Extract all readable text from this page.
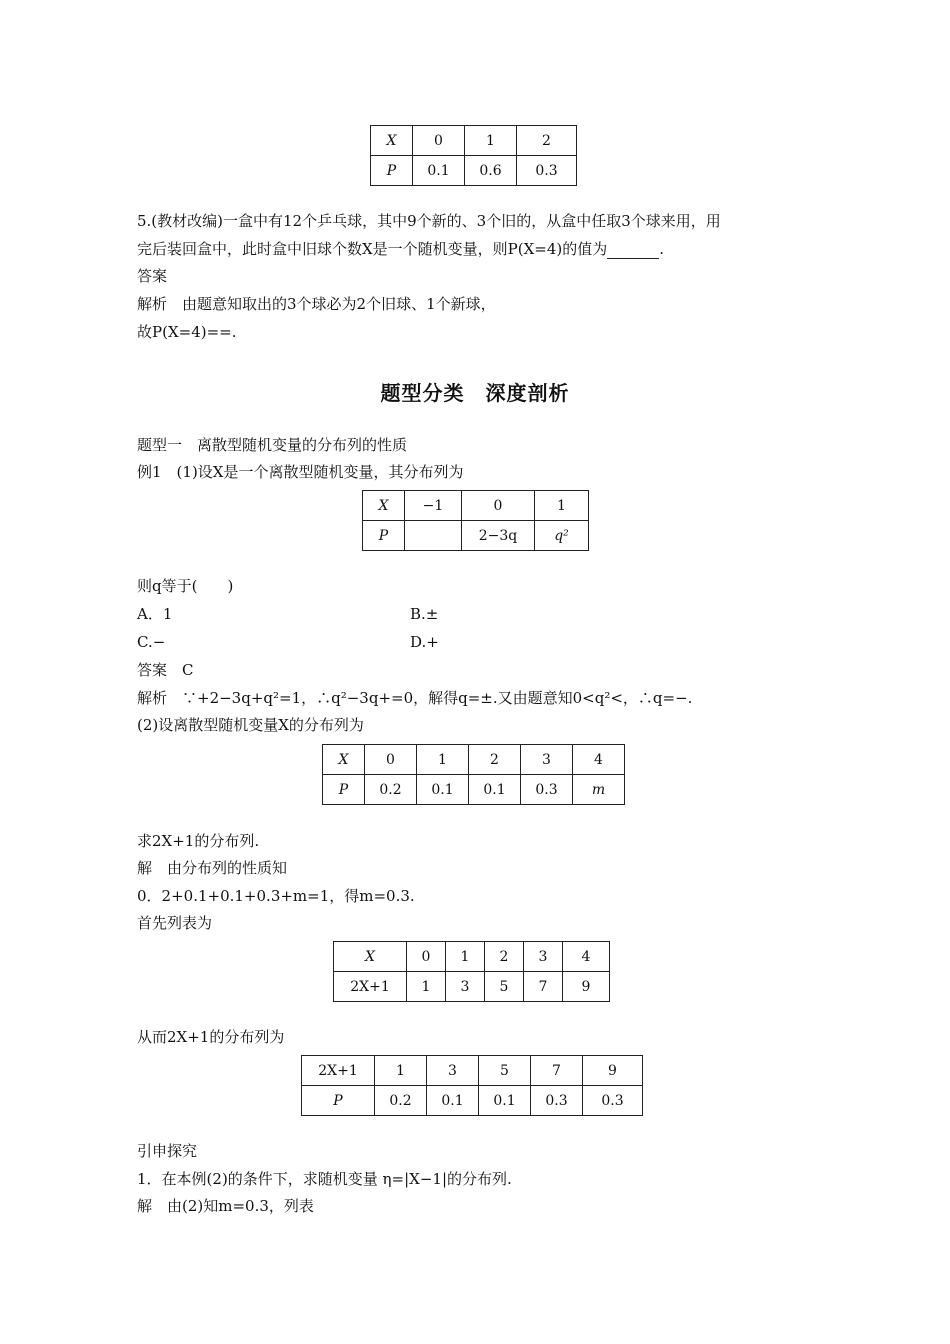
X	0	1	2
P	0.1	0.6	0.3
5.(教材改编)一盒中有12个乒乓球，其中9个新的、3个旧的，从盒中任取3个球来用，用
完后装回盒中，此时盒中旧球个数X是一个随机变量，则P(X=4)的值为	.
答案
解析　由题意知取出的3个球必为2个旧球、1个新球，
故P(X=4)==.
题型分类　深度剖析
题型一　离散型随机变量的分布列的性质
例1　(1)设X是一个离散型随机变量，其分布列为
X	−1	0	1
P		2−3q	q²
则q等于(　　)
A．1	B.±
C.−	D.+
答案　C
解析　∵+2−3q+q²=1，∴q²−3q+=0，解得q=±.又由题意知0<q²<，∴q=−.
(2)设离散型随机变量X的分布列为
X	0	1	2	3	4
P	0.2	0.1	0.1	0.3	m
求2X+1的分布列.
解　由分布列的性质知
0．2+0.1+0.1+0.3+m=1，得m=0.3.
首先列表为
X	0	1	2	3	4
2X+1	1	3	5	7	9
从而2X+1的分布列为
2X+1	1	3	5	7	9
P	0.2	0.1	0.1	0.3	0.3
引申探究
1．在本例(2)的条件下，求随机变量 η=|X−1|的分布列.
解　由(2)知m=0.3，列表
